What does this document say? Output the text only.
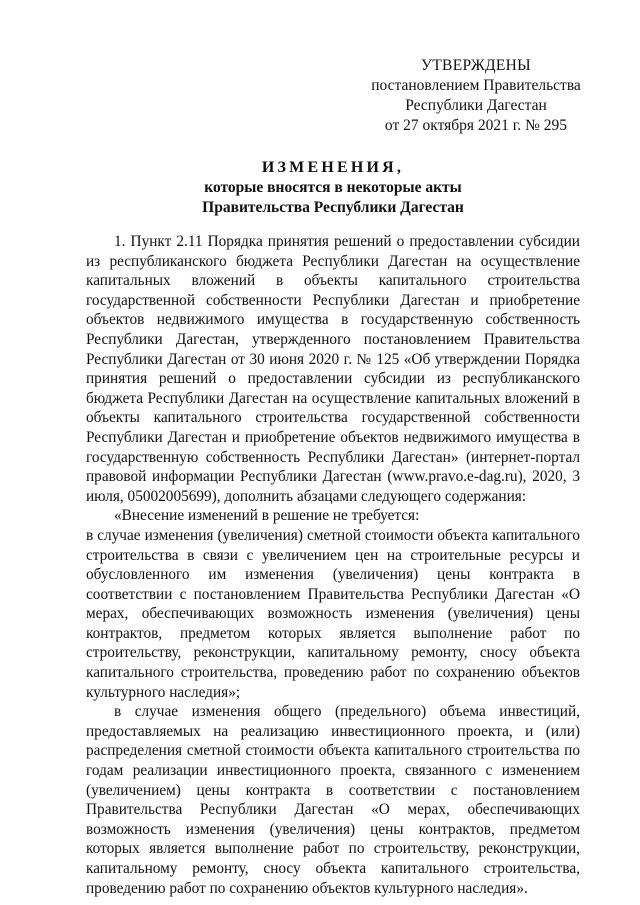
УТВЕРЖДЕНЫ
постановлением Правительства
Республики Дагестан
от 27 октября 2021 г. № 295
ИЗМЕНЕНИЯ,
которые вносятся в некоторые акты
Правительства Республики Дагестан

1. Пункт 2.11 Порядка принятия решений о предоставлении субсидии из республиканского бюджета Республики Дагестан на осуществление капитальных вложений в объекты капитального строительства государственной собственности Республики Дагестан и приобретение объектов недвижимого имущества в государственную собственность Республики Дагестан, утвержденного постановлением Правительства Республики Дагестан от 30 июня 2020 г. № 125 «Об утверждении Порядка принятия решений о предоставлении субсидии из республиканского бюджета Республики Дагестан на осуществление капитальных вложений в объекты капитального строительства государственной собственности Республики Дагестан и приобретение объектов недвижимого имущества в государственную собственность Республики Дагестан» (интернет-портал правовой информации Республики Дагестан (www.pravo.e-dag.ru), 2020, 3 июля, 05002005699), дополнить абзацами следующего содержания:

«Внесение изменений в решение не требуется:

в случае изменения (увеличения) сметной стоимости объекта капитального строительства в связи с увеличением цен на строительные ресурсы и обусловленного им изменения (увеличения) цены контракта в соответствии с постановлением Правительства Республики Дагестан «О мерах, обеспечивающих возможность изменения (увеличения) цены контрактов, предметом которых является выполнение работ по строительству, реконструкции, капитальному ремонту, сносу объекта капитального строительства, проведению работ по сохранению объектов культурного наследия»;

в случае изменения общего (предельного) объема инвестиций, предоставляемых на реализацию инвестиционного проекта, и (или) распределения сметной стоимости объекта капитального строительства по годам реализации инвестиционного проекта, связанного с изменением (увеличением) цены контракта в соответствии с постановлением Правительства Республики Дагестан «О мерах, обеспечивающих возможность изменения (увеличения) цены контрактов, предметом которых является выполнение работ по строительству, реконструкции, капитальному ремонту, сносу объекта капитального строительства, проведению работ по сохранению объектов культурного наследия».
